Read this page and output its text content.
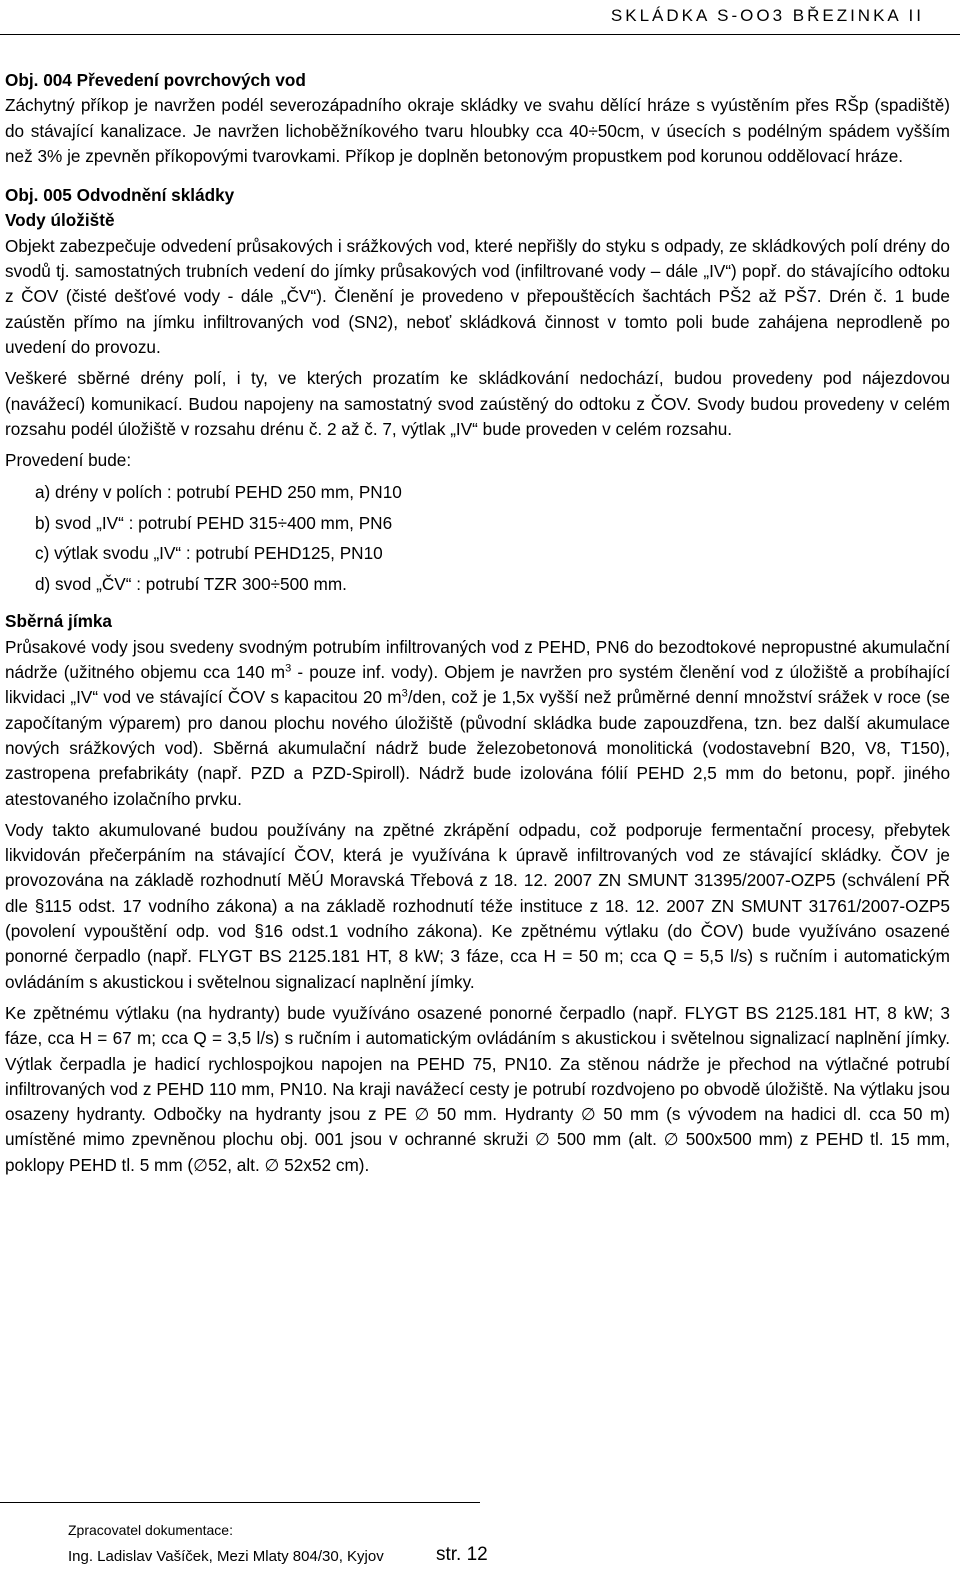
SKLÁDKA S-OO3 BŘEZINKA II

Obj. 004 Převedení povrchových vod

Záchytný příkop je navržen podél severozápadního okraje skládky ve svahu dělící hráze s vyústěním přes RŠp (spadiště) do stávající kanalizace. Je navržen lichoběžníkového tvaru hloubky cca 40÷50cm, v úsecích s podélným spádem vyšším než 3% je zpevněn příkopovými tvarovkami. Příkop je doplněn betonovým propustkem pod korunou oddělovací hráze.

Obj. 005 Odvodnění skládky

Vody úložiště

Objekt zabezpečuje odvedení průsakových i srážkových vod, které nepřišly do styku s odpady, ze skládkových polí drény do svodů tj. samostatných trubních vedení do jímky průsakových vod (infiltrované vody – dále „IV“) popř. do stávajícího odtoku z ČOV (čisté dešťové vody - dále „ČV“). Členění je provedeno v přepouštěcích šachtách PŠ2 až PŠ7. Drén č. 1 bude zaústěn přímo na jímku infiltrovaných vod (SN2), neboť skládková činnost v tomto poli bude zahájena neprodleně po uvedení do provozu.

Veškeré sběrné drény polí, i ty, ve kterých prozatím ke skládkování nedochází, budou provedeny pod nájezdovou (navážecí) komunikací. Budou napojeny na samostatný svod zaústěný do odtoku z ČOV. Svody budou provedeny v celém rozsahu podél úložiště v rozsahu drénu č. 2 až č. 7, výtlak „IV“ bude proveden v celém rozsahu.

Provedení bude:

a) drény v polích : potrubí PEHD 250 mm, PN10
b) svod „IV“ : potrubí PEHD 315÷400 mm, PN6
c) výtlak svodu „IV“ : potrubí PEHD125, PN10
d) svod „ČV“ : potrubí TZR 300÷500 mm.

Sběrná jímka

Průsakové vody jsou svedeny svodným potrubím infiltrovaných vod z PEHD, PN6 do bezodtokové nepropustné akumulační nádrže (užitného objemu cca 140 $m^3$ - pouze inf. vody). Objem je navržen pro systém členění vod z úložiště a probíhající likvidaci „IV“ vod ve stávající ČOV s kapacitou 20 $m^3$/den, což je 1,5x vyšší než průměrné denní množství srážek v roce (se započítaným výparem) pro danou plochu nového úložiště (původní skládka bude zapouzdřena, tzn. bez další akumulace nových srážkových vod). Sběrná akumulační nádrž bude železobetonová monolitická (vodostavební B20, V8, T150), zastropena prefabrikáty (např. PZD a PZD-Spiroll). Nádrž bude izolována fólií PEHD 2,5 mm do betonu, popř. jiného atestovaného izolačního prvku.

Vody takto akumulované budou používány na zpětné zkrápění odpadu, což podporuje fermentační procesy, přebytek likvidován přečerpáním na stávající ČOV, která je využívána k úpravě infiltrovaných vod ze stávající skládky. ČOV je provozována na základě rozhodnutí MěÚ Moravská Třebová z 18. 12. 2007 ZN SMUNT 31395/2007-OZP5 (schválení PŘ dle §115 odst. 17 vodního zákona) a na základě rozhodnutí téže instituce z 18. 12. 2007 ZN SMUNT 31761/2007-OZP5 (povolení vypouštění odp. vod §16 odst.1 vodního zákona). Ke zpětnému výtlaku (do ČOV) bude využíváno osazené ponorné čerpadlo (např. FLYGT BS 2125.181 HT, 8 kW; 3 fáze, cca H = 50 m; cca Q = 5,5 l/s) s ručním i automatickým ovládáním s akustickou i světelnou signalizací naplnění jímky.

Ke zpětnému výtlaku (na hydranty) bude využíváno osazené ponorné čerpadlo (např. FLYGT BS 2125.181 HT, 8 kW; 3 fáze, cca H = 67 m; cca Q = 3,5 l/s) s ručním i automatickým ovládáním s akustickou i světelnou signalizací naplnění jímky. Výtlak čerpadla je hadicí rychlospojkou napojen na PEHD 75, PN10. Za stěnou nádrže je přechod na výtlačné potrubí infiltrovaných vod z PEHD 110 mm, PN10. Na kraji navážecí cesty je potrubí rozdvojeno po obvodě úložiště. Na výtlaku jsou osazeny hydranty. Odbočky na hydranty jsou z PE ∅ 50 mm. Hydranty ∅ 50 mm (s vývodem na hadici dl. cca 50 m) umístěné mimo zpevněnou plochu obj. 001 jsou v ochranné skruži ∅ 500 mm (alt. ∅ 500x500 mm) z PEHD tl. 15 mm, poklopy PEHD tl. 5 mm (∅52, alt. ∅ 52x52 cm).

Zpracovatel dokumentace:
Ing. Ladislav Vašíček, Mezi Mlaty 804/30, Kyjov	str. 12
